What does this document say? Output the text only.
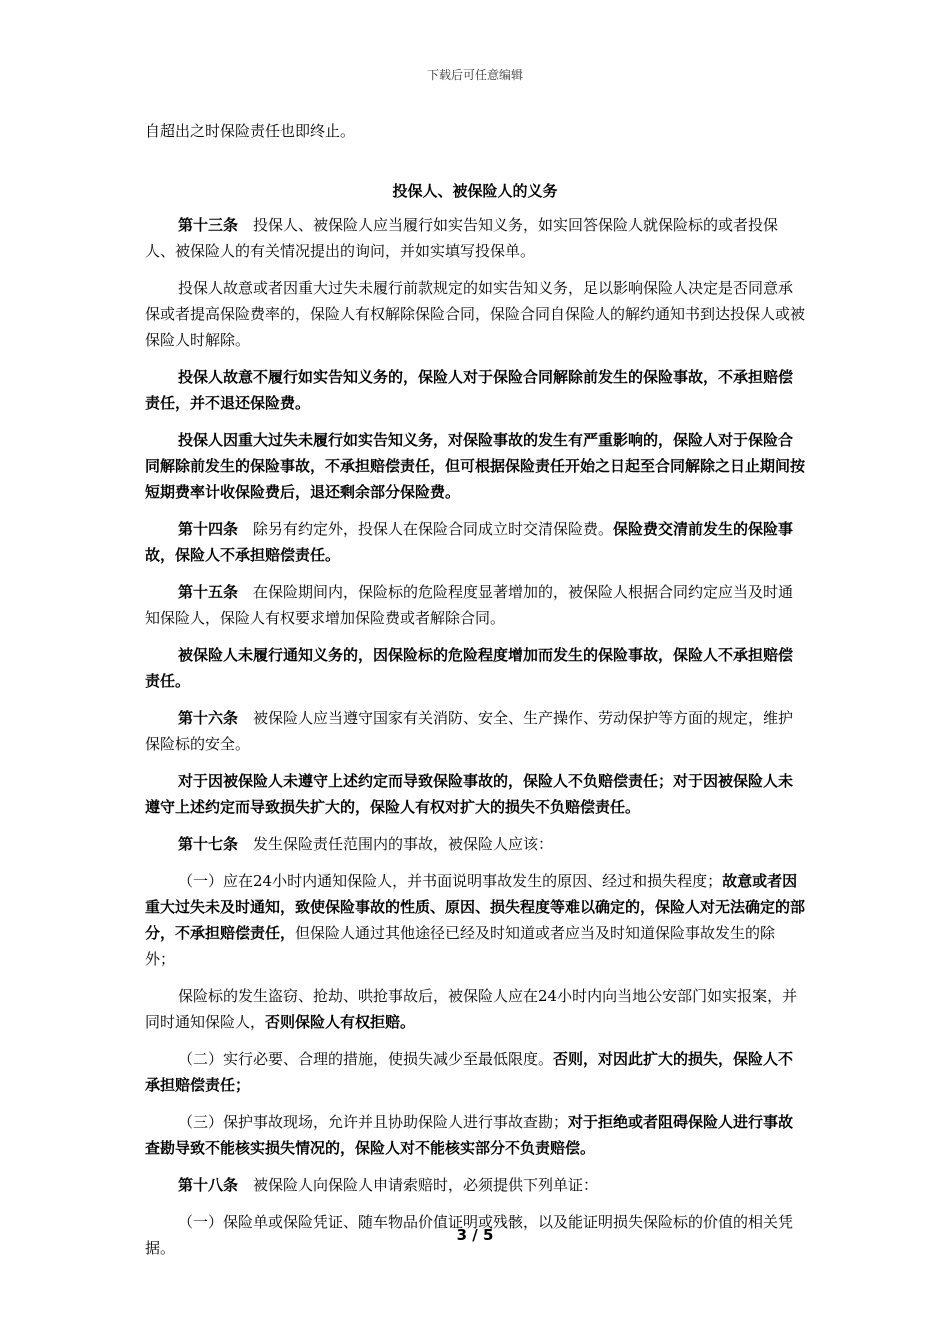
下载后可任意编辑

自超出之时保险责任也即终止。

投保人、被保险人的义务

第十三条 投保人、被保险人应当履行如实告知义务，如实回答保险人就保险标的或者投保人、被保险人的有关情况提出的询问，并如实填写投保单。

投保人故意或者因重大过失未履行前款规定的如实告知义务，足以影响保险人决定是否同意承保或者提高保险费率的，保险人有权解除保险合同，保险合同自保险人的解约通知书到达投保人或被保险人时解除。

投保人故意不履行如实告知义务的，保险人对于保险合同解除前发生的保险事故，不承担赔偿责任，并不退还保险费。

投保人因重大过失未履行如实告知义务，对保险事故的发生有严重影响的，保险人对于保险合同解除前发生的保险事故，不承担赔偿责任，但可根据保险责任开始之日起至合同解除之日止期间按短期费率计收保险费后，退还剩余部分保险费。

第十四条 除另有约定外，投保人在保险合同成立时交清保险费。保险费交清前发生的保险事故，保险人不承担赔偿责任。

第十五条 在保险期间内，保险标的危险程度显著增加的，被保险人根据合同约定应当及时通知保险人，保险人有权要求增加保险费或者解除合同。

被保险人未履行通知义务的，因保险标的危险程度增加而发生的保险事故，保险人不承担赔偿责任。

第十六条 被保险人应当遵守国家有关消防、安全、生产操作、劳动保护等方面的规定，维护保险标的安全。

对于因被保险人未遵守上述约定而导致保险事故的，保险人不负赔偿责任；对于因被保险人未遵守上述约定而导致损失扩大的，保险人有权对扩大的损失不负赔偿责任。

第十七条 发生保险责任范围内的事故，被保险人应该：

（一）应在24小时内通知保险人，并书面说明事故发生的原因、经过和损失程度；故意或者因重大过失未及时通知，致使保险事故的性质、原因、损失程度等难以确定的，保险人对无法确定的部分，不承担赔偿责任，但保险人通过其他途径已经及时知道或者应当及时知道保险事故发生的除外；

保险标的发生盗窃、抢劫、哄抢事故后，被保险人应在24小时内向当地公安部门如实报案，并同时通知保险人，否则保险人有权拒赔。

（二）实行必要、合理的措施，使损失减少至最低限度。否则，对因此扩大的损失，保险人不承担赔偿责任；

（三）保护事故现场，允许并且协助保险人进行事故查勘；对于拒绝或者阻碍保险人进行事故查勘导致不能核实损失情况的，保险人对不能核实部分不负责赔偿。

第十八条 被保险人向保险人申请索赔时，必须提供下列单证：

（一）保险单或保险凭证、随车物品价值证明或残骸，以及能证明损失保险标的价值的相关凭据。

3 / 5
